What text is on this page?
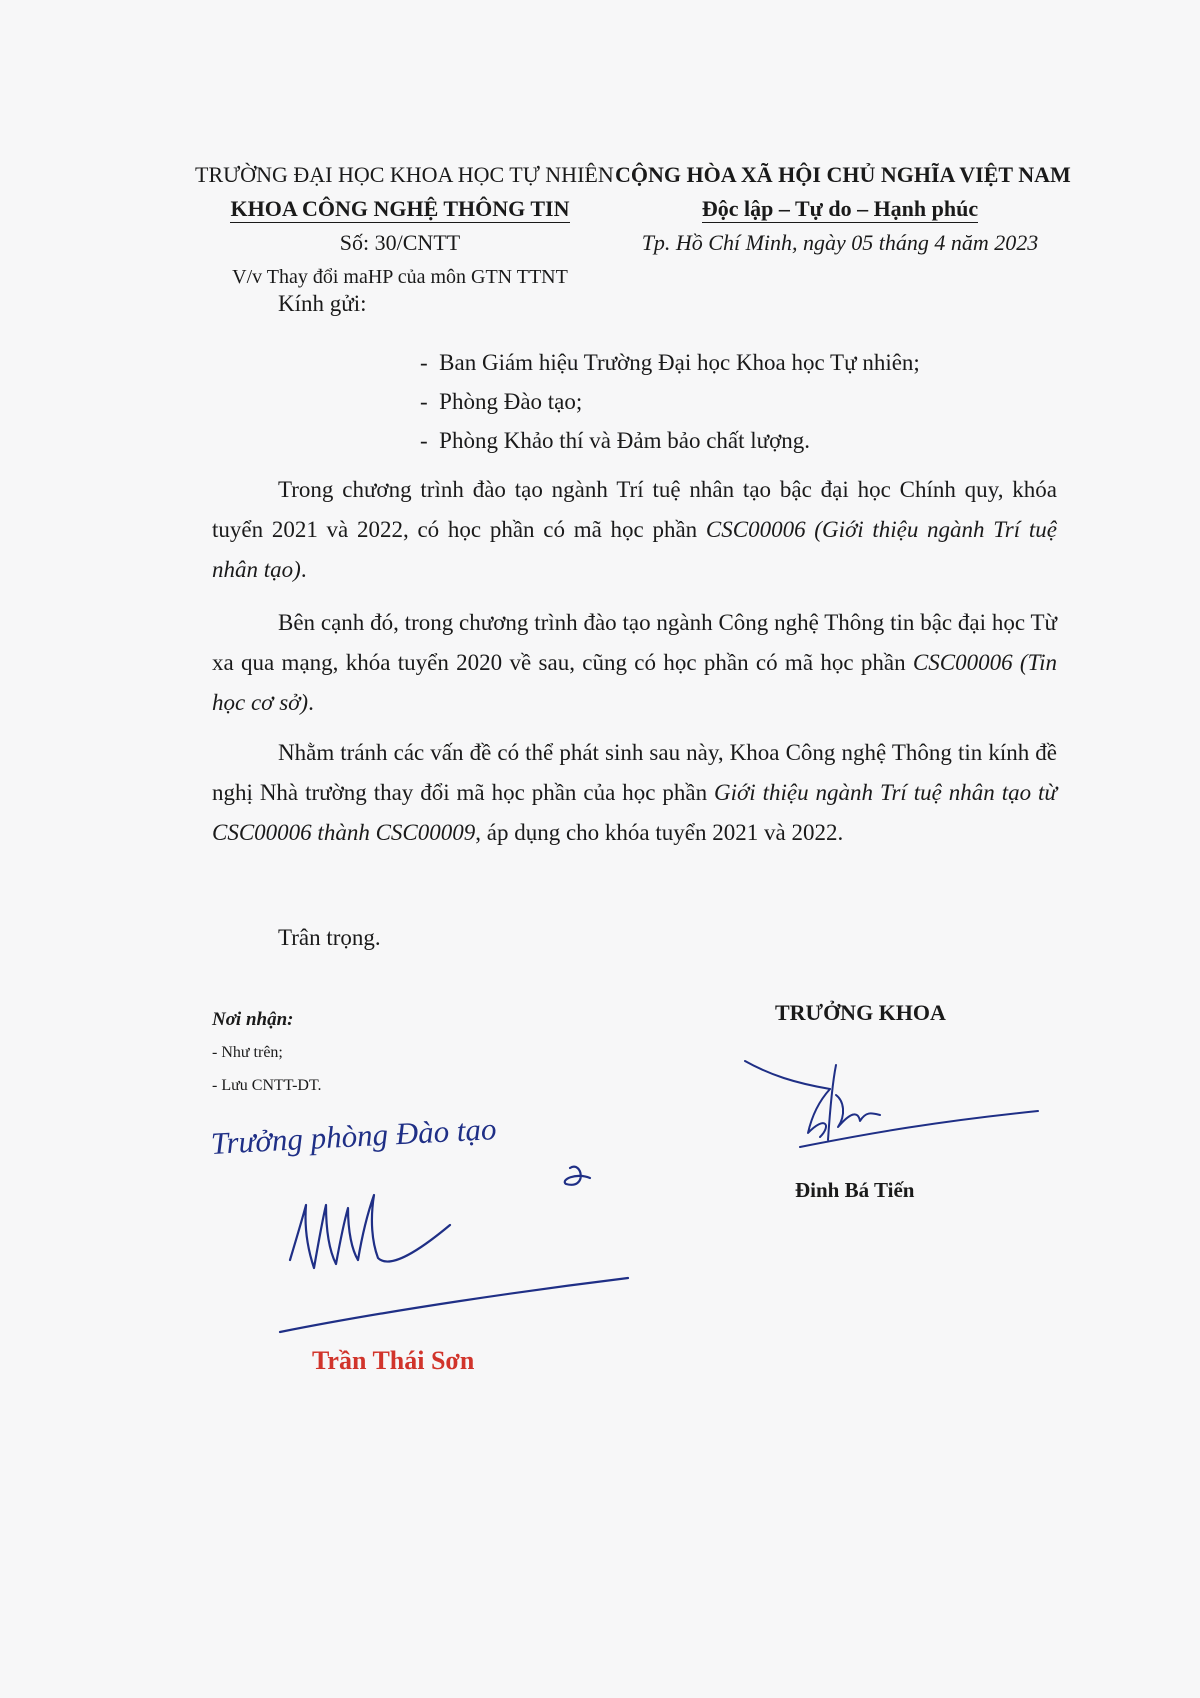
TRƯỜNG ĐẠI HỌC KHOA HỌC TỰ NHIÊN
KHOA CÔNG NGHỆ THÔNG TIN
Số: 30/CNTT
V/v Thay đổi maHP của môn GTN TTNT
CỘNG HÒA XÃ HỘI CHỦ NGHĨA VIỆT NAM
Độc lập – Tự do – Hạnh phúc
Tp. Hồ Chí Minh, ngày 05 tháng 4 năm 2023
Kính gửi:
-  Ban Giám hiệu Trường Đại học Khoa học Tự nhiên;
-  Phòng Đào tạo;
-  Phòng Khảo thí và Đảm bảo chất lượng.
Trong chương trình đào tạo ngành Trí tuệ nhân tạo bậc đại học Chính quy, khóa tuyển 2021 và 2022, có học phần có mã học phần CSC00006 (Giới thiệu ngành Trí tuệ nhân tạo).
Bên cạnh đó, trong chương trình đào tạo ngành Công nghệ Thông tin bậc đại học Từ xa qua mạng, khóa tuyển 2020 về sau, cũng có học phần có mã học phần CSC00006 (Tin học cơ sở).
Nhằm tránh các vấn đề có thể phát sinh sau này, Khoa Công nghệ Thông tin kính đề nghị Nhà trường thay đổi mã học phần của học phần Giới thiệu ngành Trí tuệ nhân tạo từ CSC00006 thành CSC00009, áp dụng cho khóa tuyển 2021 và 2022.
Trân trọng.
Nơi nhận:
- Như trên;
- Lưu CNTT-DT.
TRƯỞNG KHOA
Đinh Bá Tiến
Trưởng phòng Đào tạo
Trần Thái Sơn
